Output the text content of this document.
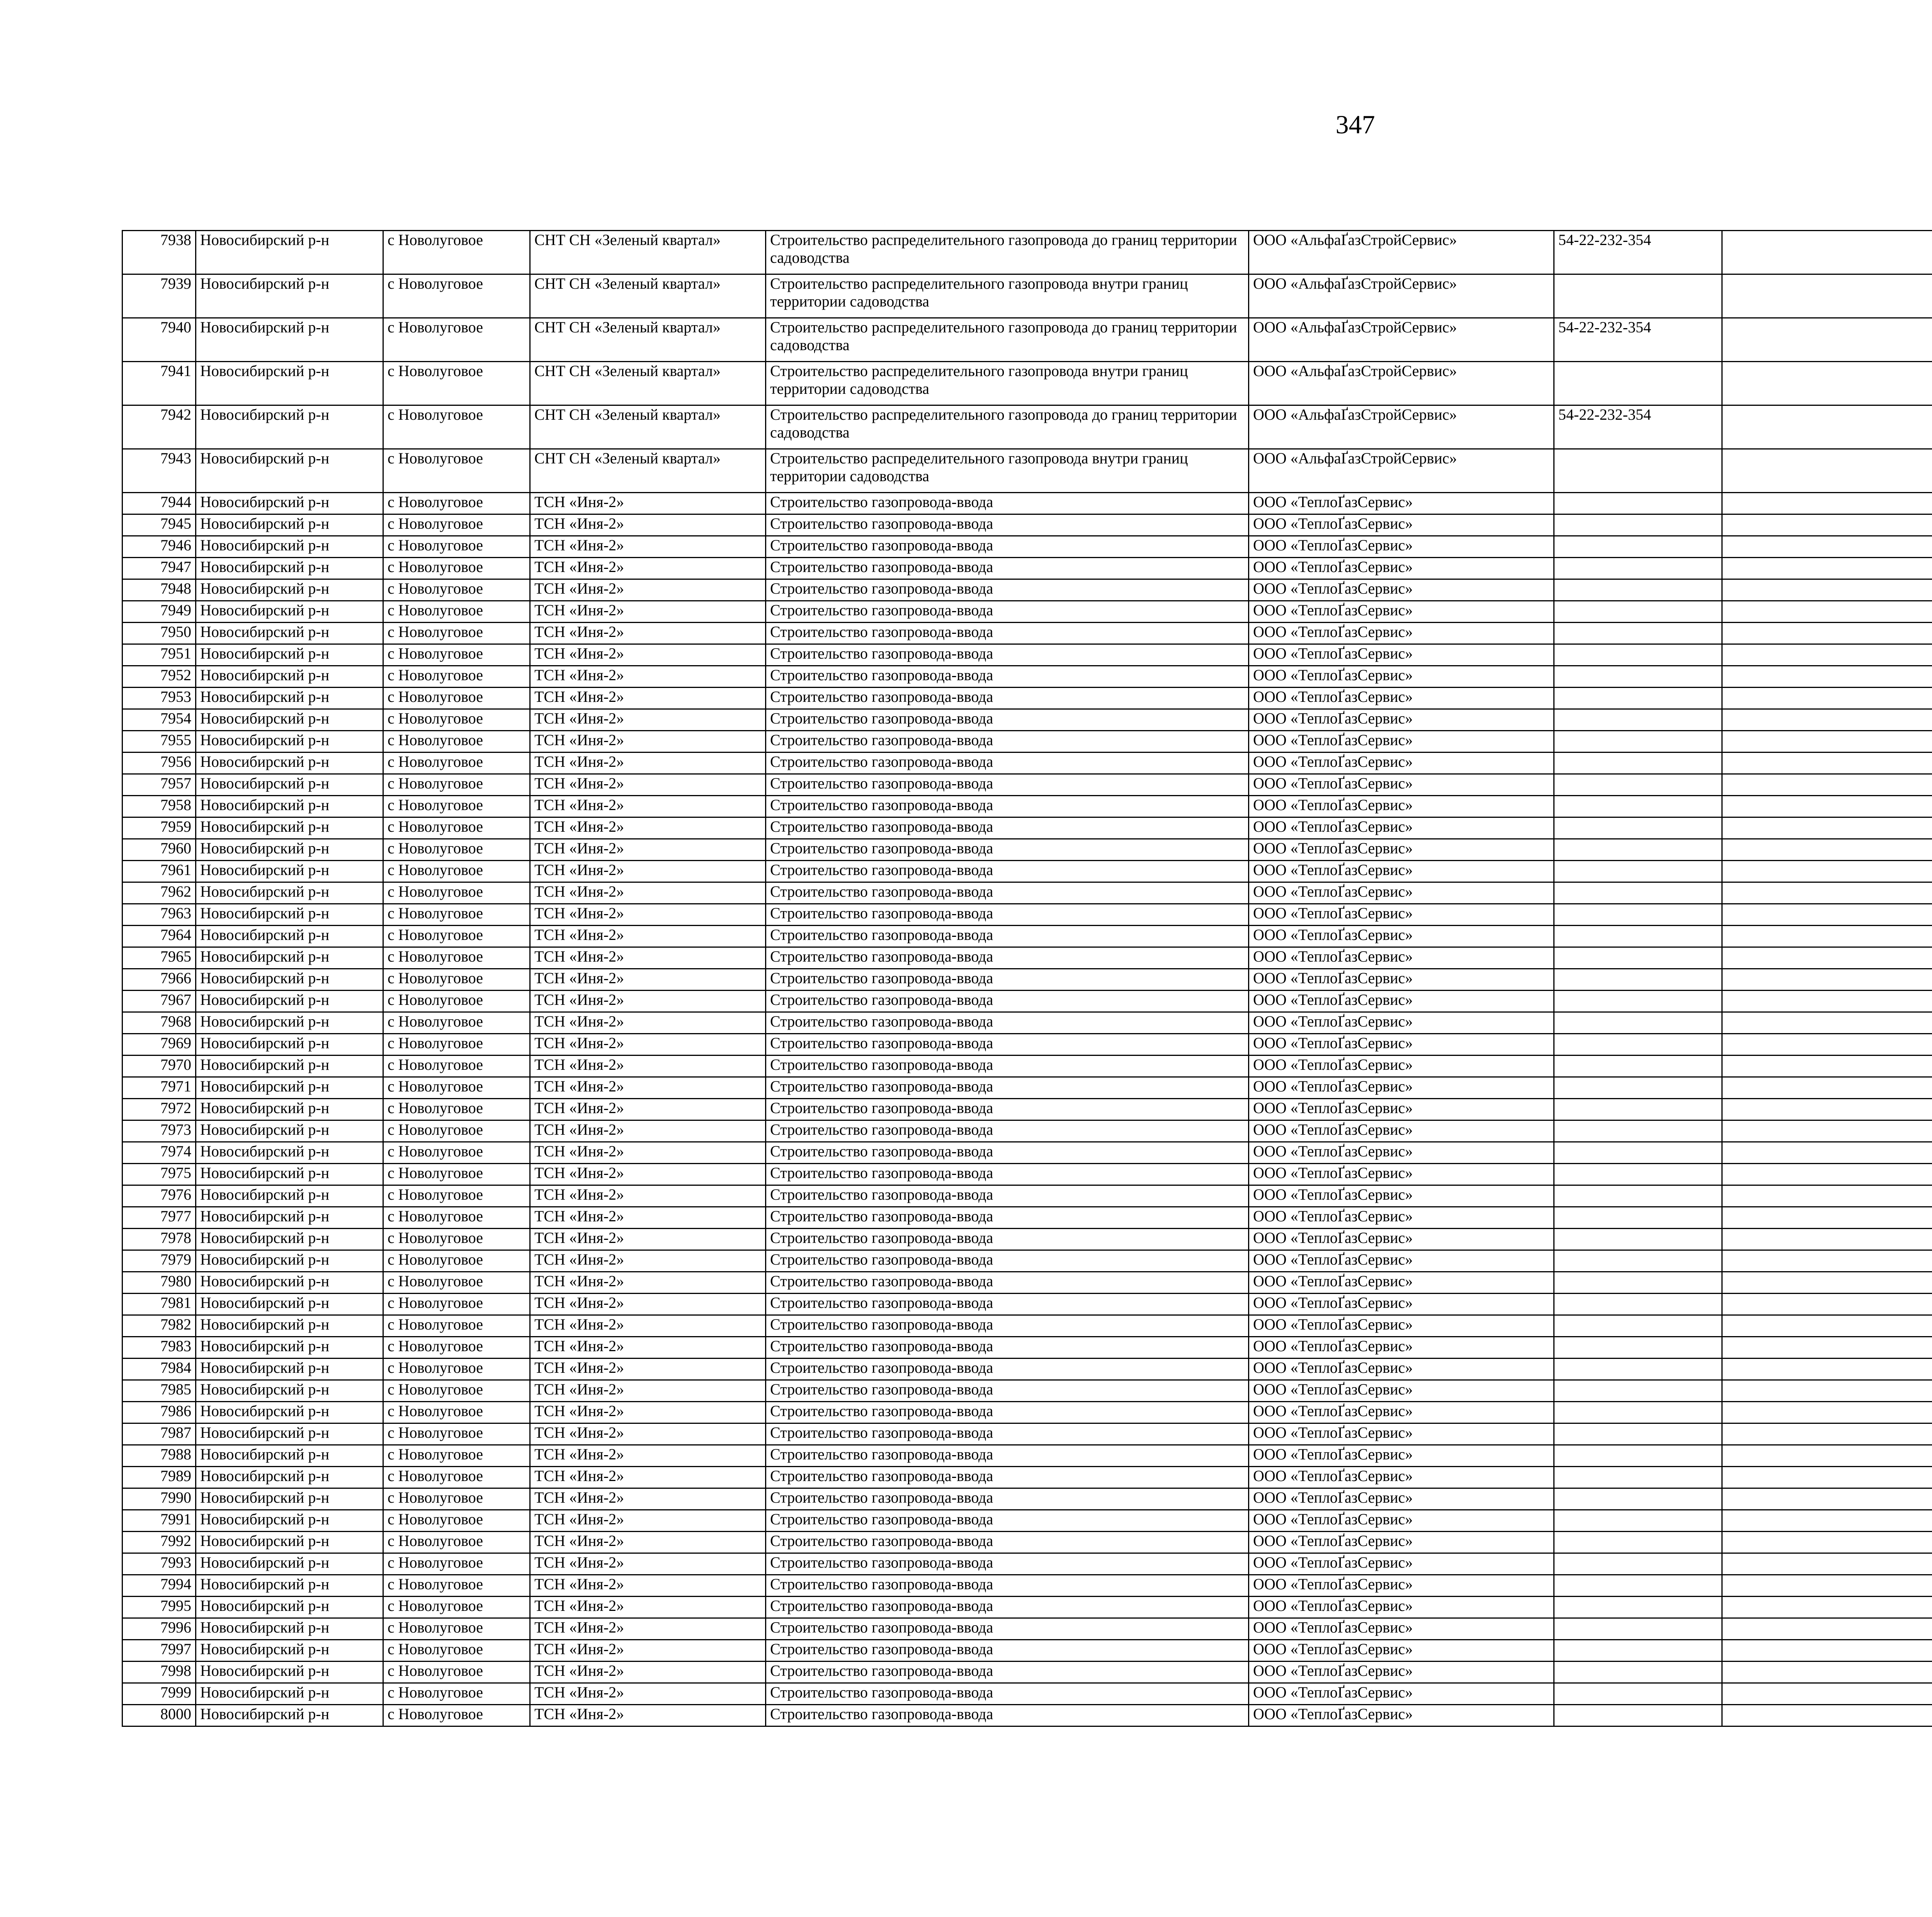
347
7938	Новосибирский р-н	с Новолуговое	СНТ СН «Зеленый квартал»	Строительство распределительного газопровода до границ территории садоводства	ООО «АльфаҐазСтройСервис»	54-22-232-354						
7939	Новосибирский р-н	с Новолуговое	СНТ СН «Зеленый квартал»	Строительство распределительного газопровода внутри границ территории садоводства	ООО «АльфаҐазСтройСервис»							
7940	Новосибирский р-н	с Новолуговое	СНТ СН «Зеленый квартал»	Строительство распределительного газопровода до границ территории садоводства	ООО «АльфаҐазСтройСервис»	54-22-232-354						
7941	Новосибирский р-н	с Новолуговое	СНТ СН «Зеленый квартал»	Строительство распределительного газопровода внутри границ территории садоводства	ООО «АльфаҐазСтройСервис»							
7942	Новосибирский р-н	с Новолуговое	СНТ СН «Зеленый квартал»	Строительство распределительного газопровода до границ территории садоводства	ООО «АльфаҐазСтройСервис»	54-22-232-354						
7943	Новосибирский р-н	с Новолуговое	СНТ СН «Зеленый квартал»	Строительство распределительного газопровода внутри границ территории садоводства	ООО «АльфаҐазСтройСервис»							
7944	Новосибирский р-н	с Новолуговое	ТСН «Иня-2»	Строительство газопровода-ввода	ООО «ТеплоҐазСервис»							
7945	Новосибирский р-н	с Новолуговое	ТСН «Иня-2»	Строительство газопровода-ввода	ООО «ТеплоҐазСервис»							
7946	Новосибирский р-н	с Новолуговое	ТСН «Иня-2»	Строительство газопровода-ввода	ООО «ТеплоҐазСервис»							
7947	Новосибирский р-н	с Новолуговое	ТСН «Иня-2»	Строительство газопровода-ввода	ООО «ТеплоҐазСервис»							
7948	Новосибирский р-н	с Новолуговое	ТСН «Иня-2»	Строительство газопровода-ввода	ООО «ТеплоҐазСервис»							
7949	Новосибирский р-н	с Новолуговое	ТСН «Иня-2»	Строительство газопровода-ввода	ООО «ТеплоҐазСервис»							
7950	Новосибирский р-н	с Новолуговое	ТСН «Иня-2»	Строительство газопровода-ввода	ООО «ТеплоҐазСервис»							
7951	Новосибирский р-н	с Новолуговое	ТСН «Иня-2»	Строительство газопровода-ввода	ООО «ТеплоҐазСервис»							
7952	Новосибирский р-н	с Новолуговое	ТСН «Иня-2»	Строительство газопровода-ввода	ООО «ТеплоҐазСервис»							
7953	Новосибирский р-н	с Новолуговое	ТСН «Иня-2»	Строительство газопровода-ввода	ООО «ТеплоҐазСервис»							
7954	Новосибирский р-н	с Новолуговое	ТСН «Иня-2»	Строительство газопровода-ввода	ООО «ТеплоҐазСервис»							
7955	Новосибирский р-н	с Новолуговое	ТСН «Иня-2»	Строительство газопровода-ввода	ООО «ТеплоҐазСервис»							
7956	Новосибирский р-н	с Новолуговое	ТСН «Иня-2»	Строительство газопровода-ввода	ООО «ТеплоҐазСервис»							
7957	Новосибирский р-н	с Новолуговое	ТСН «Иня-2»	Строительство газопровода-ввода	ООО «ТеплоҐазСервис»							
7958	Новосибирский р-н	с Новолуговое	ТСН «Иня-2»	Строительство газопровода-ввода	ООО «ТеплоҐазСервис»							
7959	Новосибирский р-н	с Новолуговое	ТСН «Иня-2»	Строительство газопровода-ввода	ООО «ТеплоҐазСервис»							
7960	Новосибирский р-н	с Новолуговое	ТСН «Иня-2»	Строительство газопровода-ввода	ООО «ТеплоҐазСервис»							
7961	Новосибирский р-н	с Новолуговое	ТСН «Иня-2»	Строительство газопровода-ввода	ООО «ТеплоҐазСервис»							
7962	Новосибирский р-н	с Новолуговое	ТСН «Иня-2»	Строительство газопровода-ввода	ООО «ТеплоҐазСервис»							
7963	Новосибирский р-н	с Новолуговое	ТСН «Иня-2»	Строительство газопровода-ввода	ООО «ТеплоҐазСервис»							
7964	Новосибирский р-н	с Новолуговое	ТСН «Иня-2»	Строительство газопровода-ввода	ООО «ТеплоҐазСервис»							
7965	Новосибирский р-н	с Новолуговое	ТСН «Иня-2»	Строительство газопровода-ввода	ООО «ТеплоҐазСервис»							
7966	Новосибирский р-н	с Новолуговое	ТСН «Иня-2»	Строительство газопровода-ввода	ООО «ТеплоҐазСервис»							
7967	Новосибирский р-н	с Новолуговое	ТСН «Иня-2»	Строительство газопровода-ввода	ООО «ТеплоҐазСервис»							
7968	Новосибирский р-н	с Новолуговое	ТСН «Иня-2»	Строительство газопровода-ввода	ООО «ТеплоҐазСервис»							
7969	Новосибирский р-н	с Новолуговое	ТСН «Иня-2»	Строительство газопровода-ввода	ООО «ТеплоҐазСервис»							
7970	Новосибирский р-н	с Новолуговое	ТСН «Иня-2»	Строительство газопровода-ввода	ООО «ТеплоҐазСервис»							
7971	Новосибирский р-н	с Новолуговое	ТСН «Иня-2»	Строительство газопровода-ввода	ООО «ТеплоҐазСервис»							
7972	Новосибирский р-н	с Новолуговое	ТСН «Иня-2»	Строительство газопровода-ввода	ООО «ТеплоҐазСервис»							
7973	Новосибирский р-н	с Новолуговое	ТСН «Иня-2»	Строительство газопровода-ввода	ООО «ТеплоҐазСервис»							
7974	Новосибирский р-н	с Новолуговое	ТСН «Иня-2»	Строительство газопровода-ввода	ООО «ТеплоҐазСервис»							
7975	Новосибирский р-н	с Новолуговое	ТСН «Иня-2»	Строительство газопровода-ввода	ООО «ТеплоҐазСервис»							
7976	Новосибирский р-н	с Новолуговое	ТСН «Иня-2»	Строительство газопровода-ввода	ООО «ТеплоҐазСервис»							
7977	Новосибирский р-н	с Новолуговое	ТСН «Иня-2»	Строительство газопровода-ввода	ООО «ТеплоҐазСервис»							
7978	Новосибирский р-н	с Новолуговое	ТСН «Иня-2»	Строительство газопровода-ввода	ООО «ТеплоҐазСервис»							
7979	Новосибирский р-н	с Новолуговое	ТСН «Иня-2»	Строительство газопровода-ввода	ООО «ТеплоҐазСервис»							
7980	Новосибирский р-н	с Новолуговое	ТСН «Иня-2»	Строительство газопровода-ввода	ООО «ТеплоҐазСервис»							
7981	Новосибирский р-н	с Новолуговое	ТСН «Иня-2»	Строительство газопровода-ввода	ООО «ТеплоҐазСервис»							
7982	Новосибирский р-н	с Новолуговое	ТСН «Иня-2»	Строительство газопровода-ввода	ООО «ТеплоҐазСервис»							
7983	Новосибирский р-н	с Новолуговое	ТСН «Иня-2»	Строительство газопровода-ввода	ООО «ТеплоҐазСервис»							
7984	Новосибирский р-н	с Новолуговое	ТСН «Иня-2»	Строительство газопровода-ввода	ООО «ТеплоҐазСервис»							
7985	Новосибирский р-н	с Новолуговое	ТСН «Иня-2»	Строительство газопровода-ввода	ООО «ТеплоҐазСервис»							
7986	Новосибирский р-н	с Новолуговое	ТСН «Иня-2»	Строительство газопровода-ввода	ООО «ТеплоҐазСервис»							
7987	Новосибирский р-н	с Новолуговое	ТСН «Иня-2»	Строительство газопровода-ввода	ООО «ТеплоҐазСервис»							
7988	Новосибирский р-н	с Новолуговое	ТСН «Иня-2»	Строительство газопровода-ввода	ООО «ТеплоҐазСервис»							
7989	Новосибирский р-н	с Новолуговое	ТСН «Иня-2»	Строительство газопровода-ввода	ООО «ТеплоҐазСервис»							
7990	Новосибирский р-н	с Новолуговое	ТСН «Иня-2»	Строительство газопровода-ввода	ООО «ТеплоҐазСервис»							
7991	Новосибирский р-н	с Новолуговое	ТСН «Иня-2»	Строительство газопровода-ввода	ООО «ТеплоҐазСервис»							
7992	Новосибирский р-н	с Новолуговое	ТСН «Иня-2»	Строительство газопровода-ввода	ООО «ТеплоҐазСервис»							
7993	Новосибирский р-н	с Новолуговое	ТСН «Иня-2»	Строительство газопровода-ввода	ООО «ТеплоҐазСервис»							
7994	Новосибирский р-н	с Новолуговое	ТСН «Иня-2»	Строительство газопровода-ввода	ООО «ТеплоҐазСервис»							
7995	Новосибирский р-н	с Новолуговое	ТСН «Иня-2»	Строительство газопровода-ввода	ООО «ТеплоҐазСервис»							
7996	Новосибирский р-н	с Новолуговое	ТСН «Иня-2»	Строительство газопровода-ввода	ООО «ТеплоҐазСервис»							
7997	Новосибирский р-н	с Новолуговое	ТСН «Иня-2»	Строительство газопровода-ввода	ООО «ТеплоҐазСервис»							
7998	Новосибирский р-н	с Новолуговое	ТСН «Иня-2»	Строительство газопровода-ввода	ООО «ТеплоҐазСервис»							
7999	Новосибирский р-н	с Новолуговое	ТСН «Иня-2»	Строительство газопровода-ввода	ООО «ТеплоҐазСервис»							
8000	Новосибирский р-н	с Новолуговое	ТСН «Иня-2»	Строительство газопровода-ввода	ООО «ТеплоҐазСервис»							
